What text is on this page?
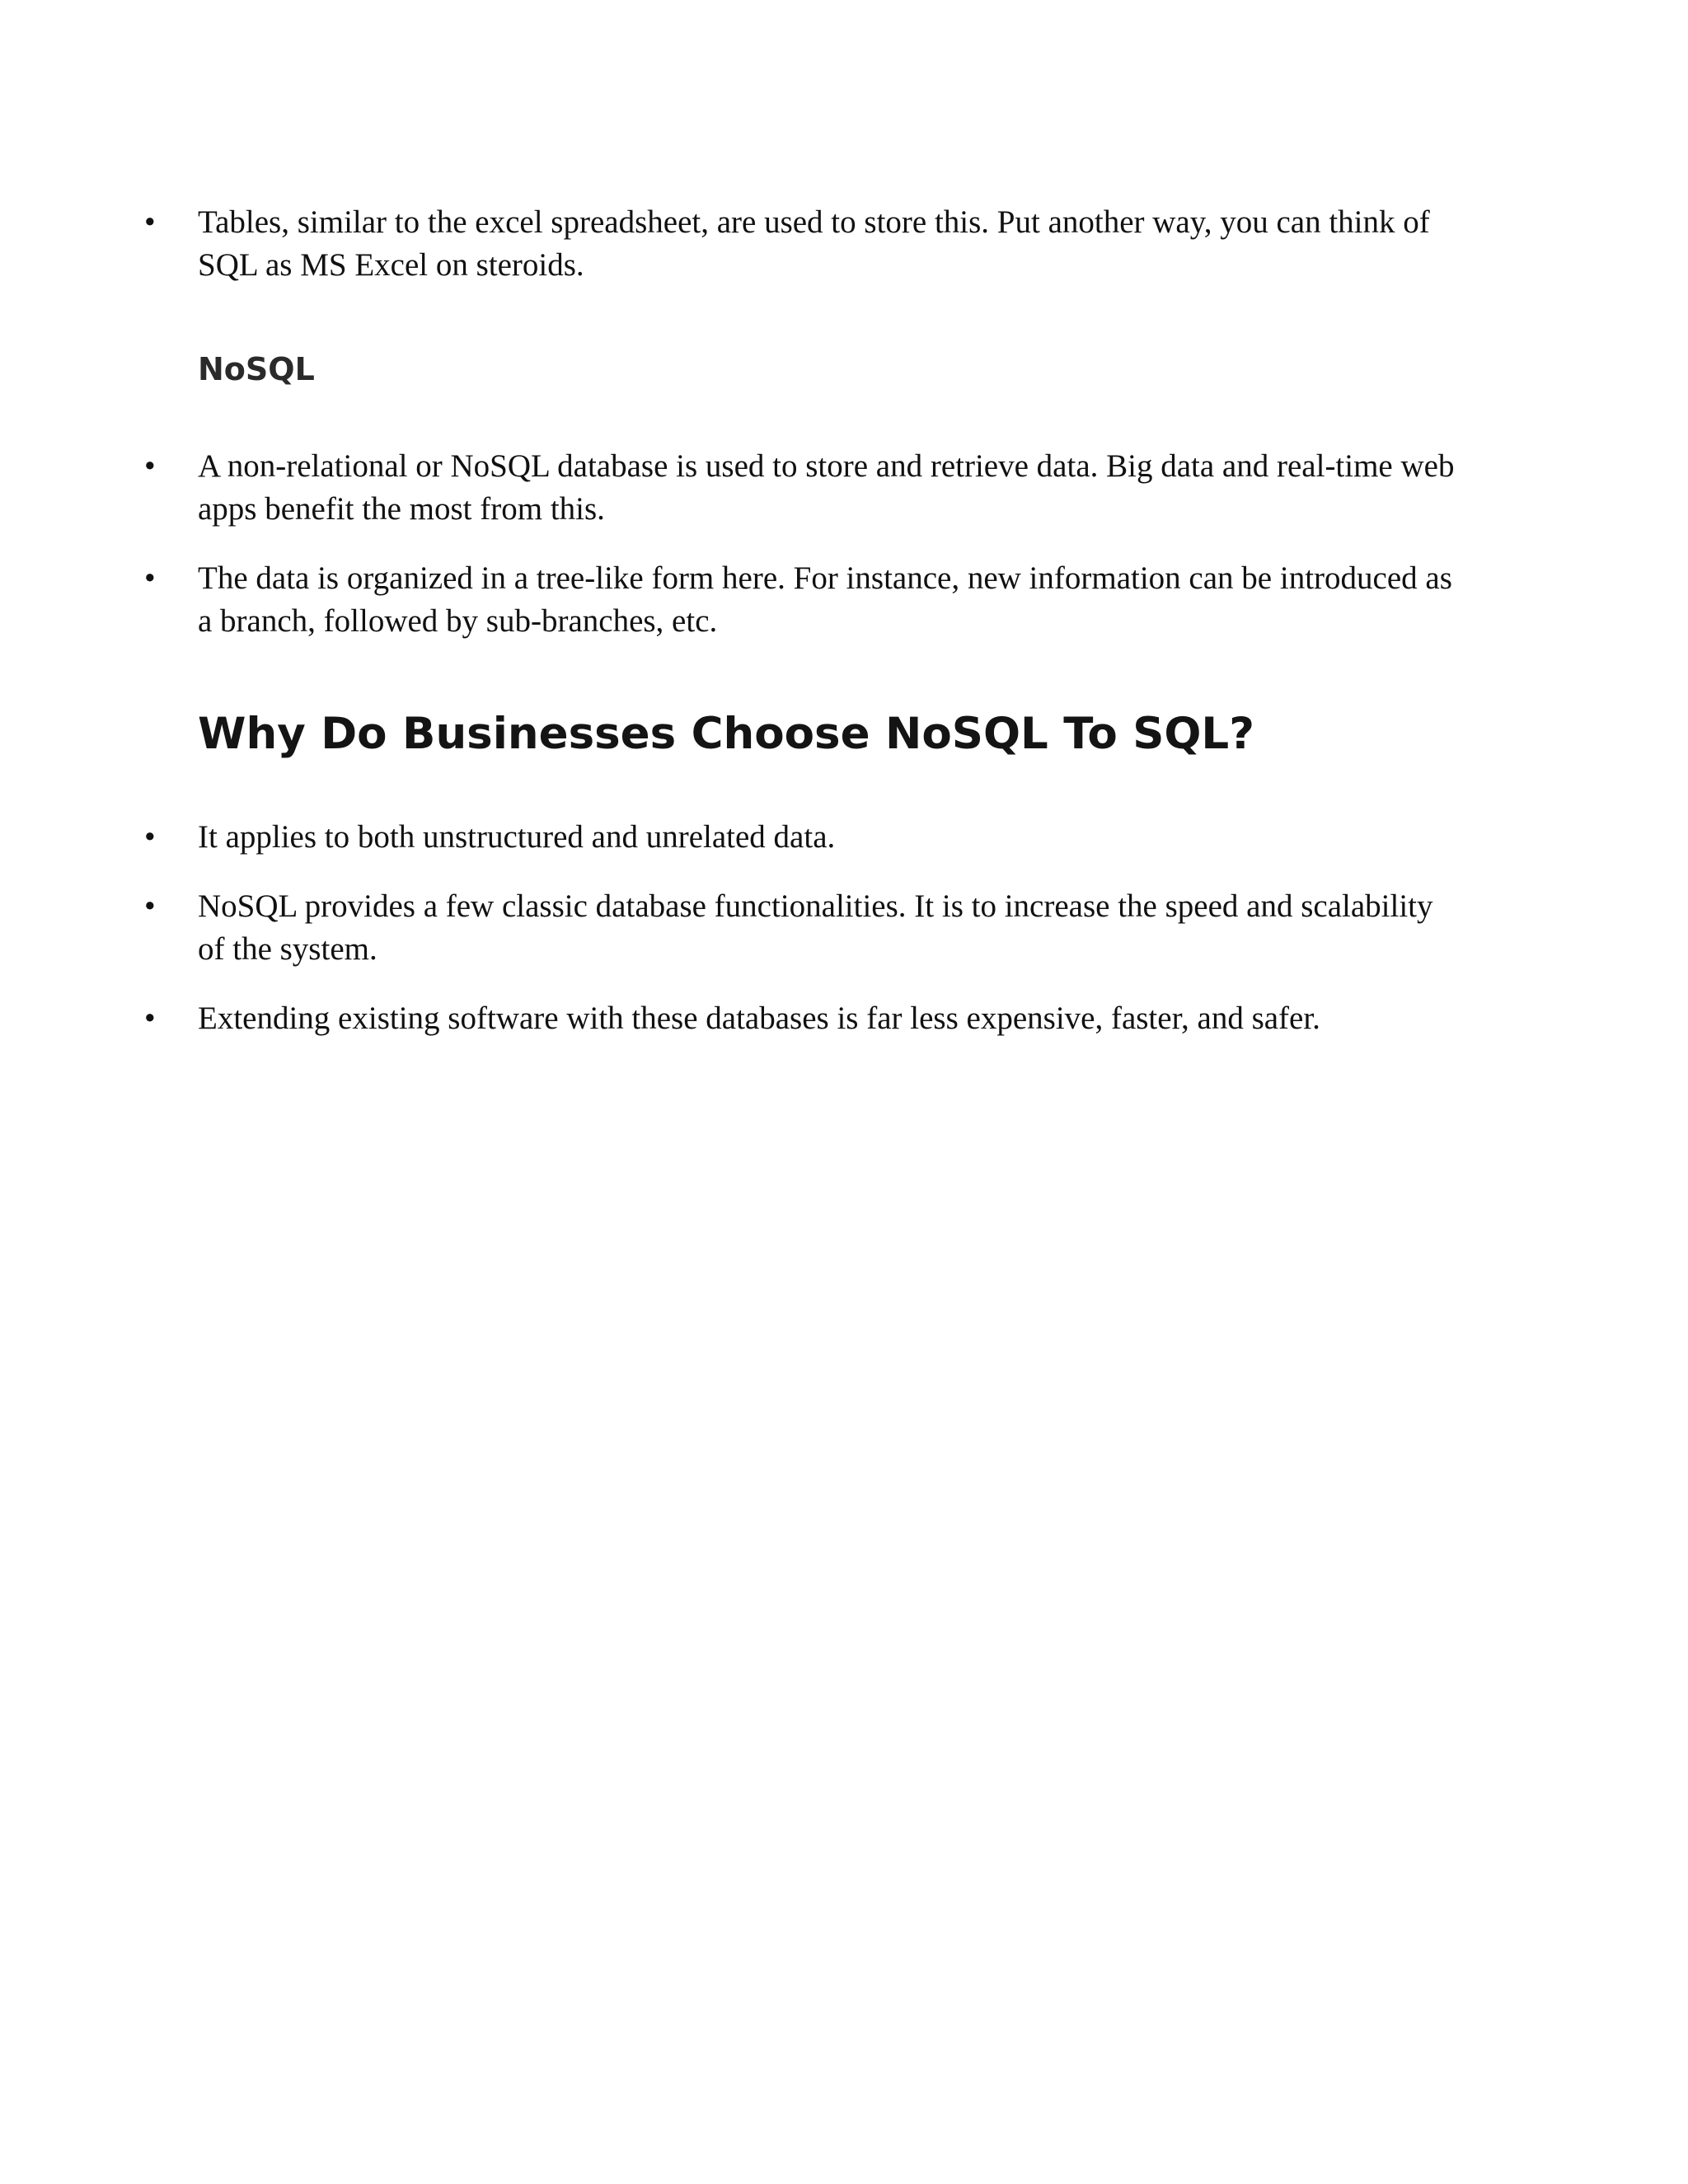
• Tables, similar to the excel spreadsheet, are used to store this. Put another way, you can think of SQL as MS Excel on steroids.
NoSQL
• A non-relational or NoSQL database is used to store and retrieve data. Big data and real-time web apps benefit the most from this.
• The data is organized in a tree-like form here. For instance, new information can be introduced as a branch, followed by sub-branches, etc.
Why Do Businesses Choose NoSQL To SQL?
• It applies to both unstructured and unrelated data.
• NoSQL provides a few classic database functionalities. It is to increase the speed and scalability of the system.
• Extending existing software with these databases is far less expensive, faster, and safer.
